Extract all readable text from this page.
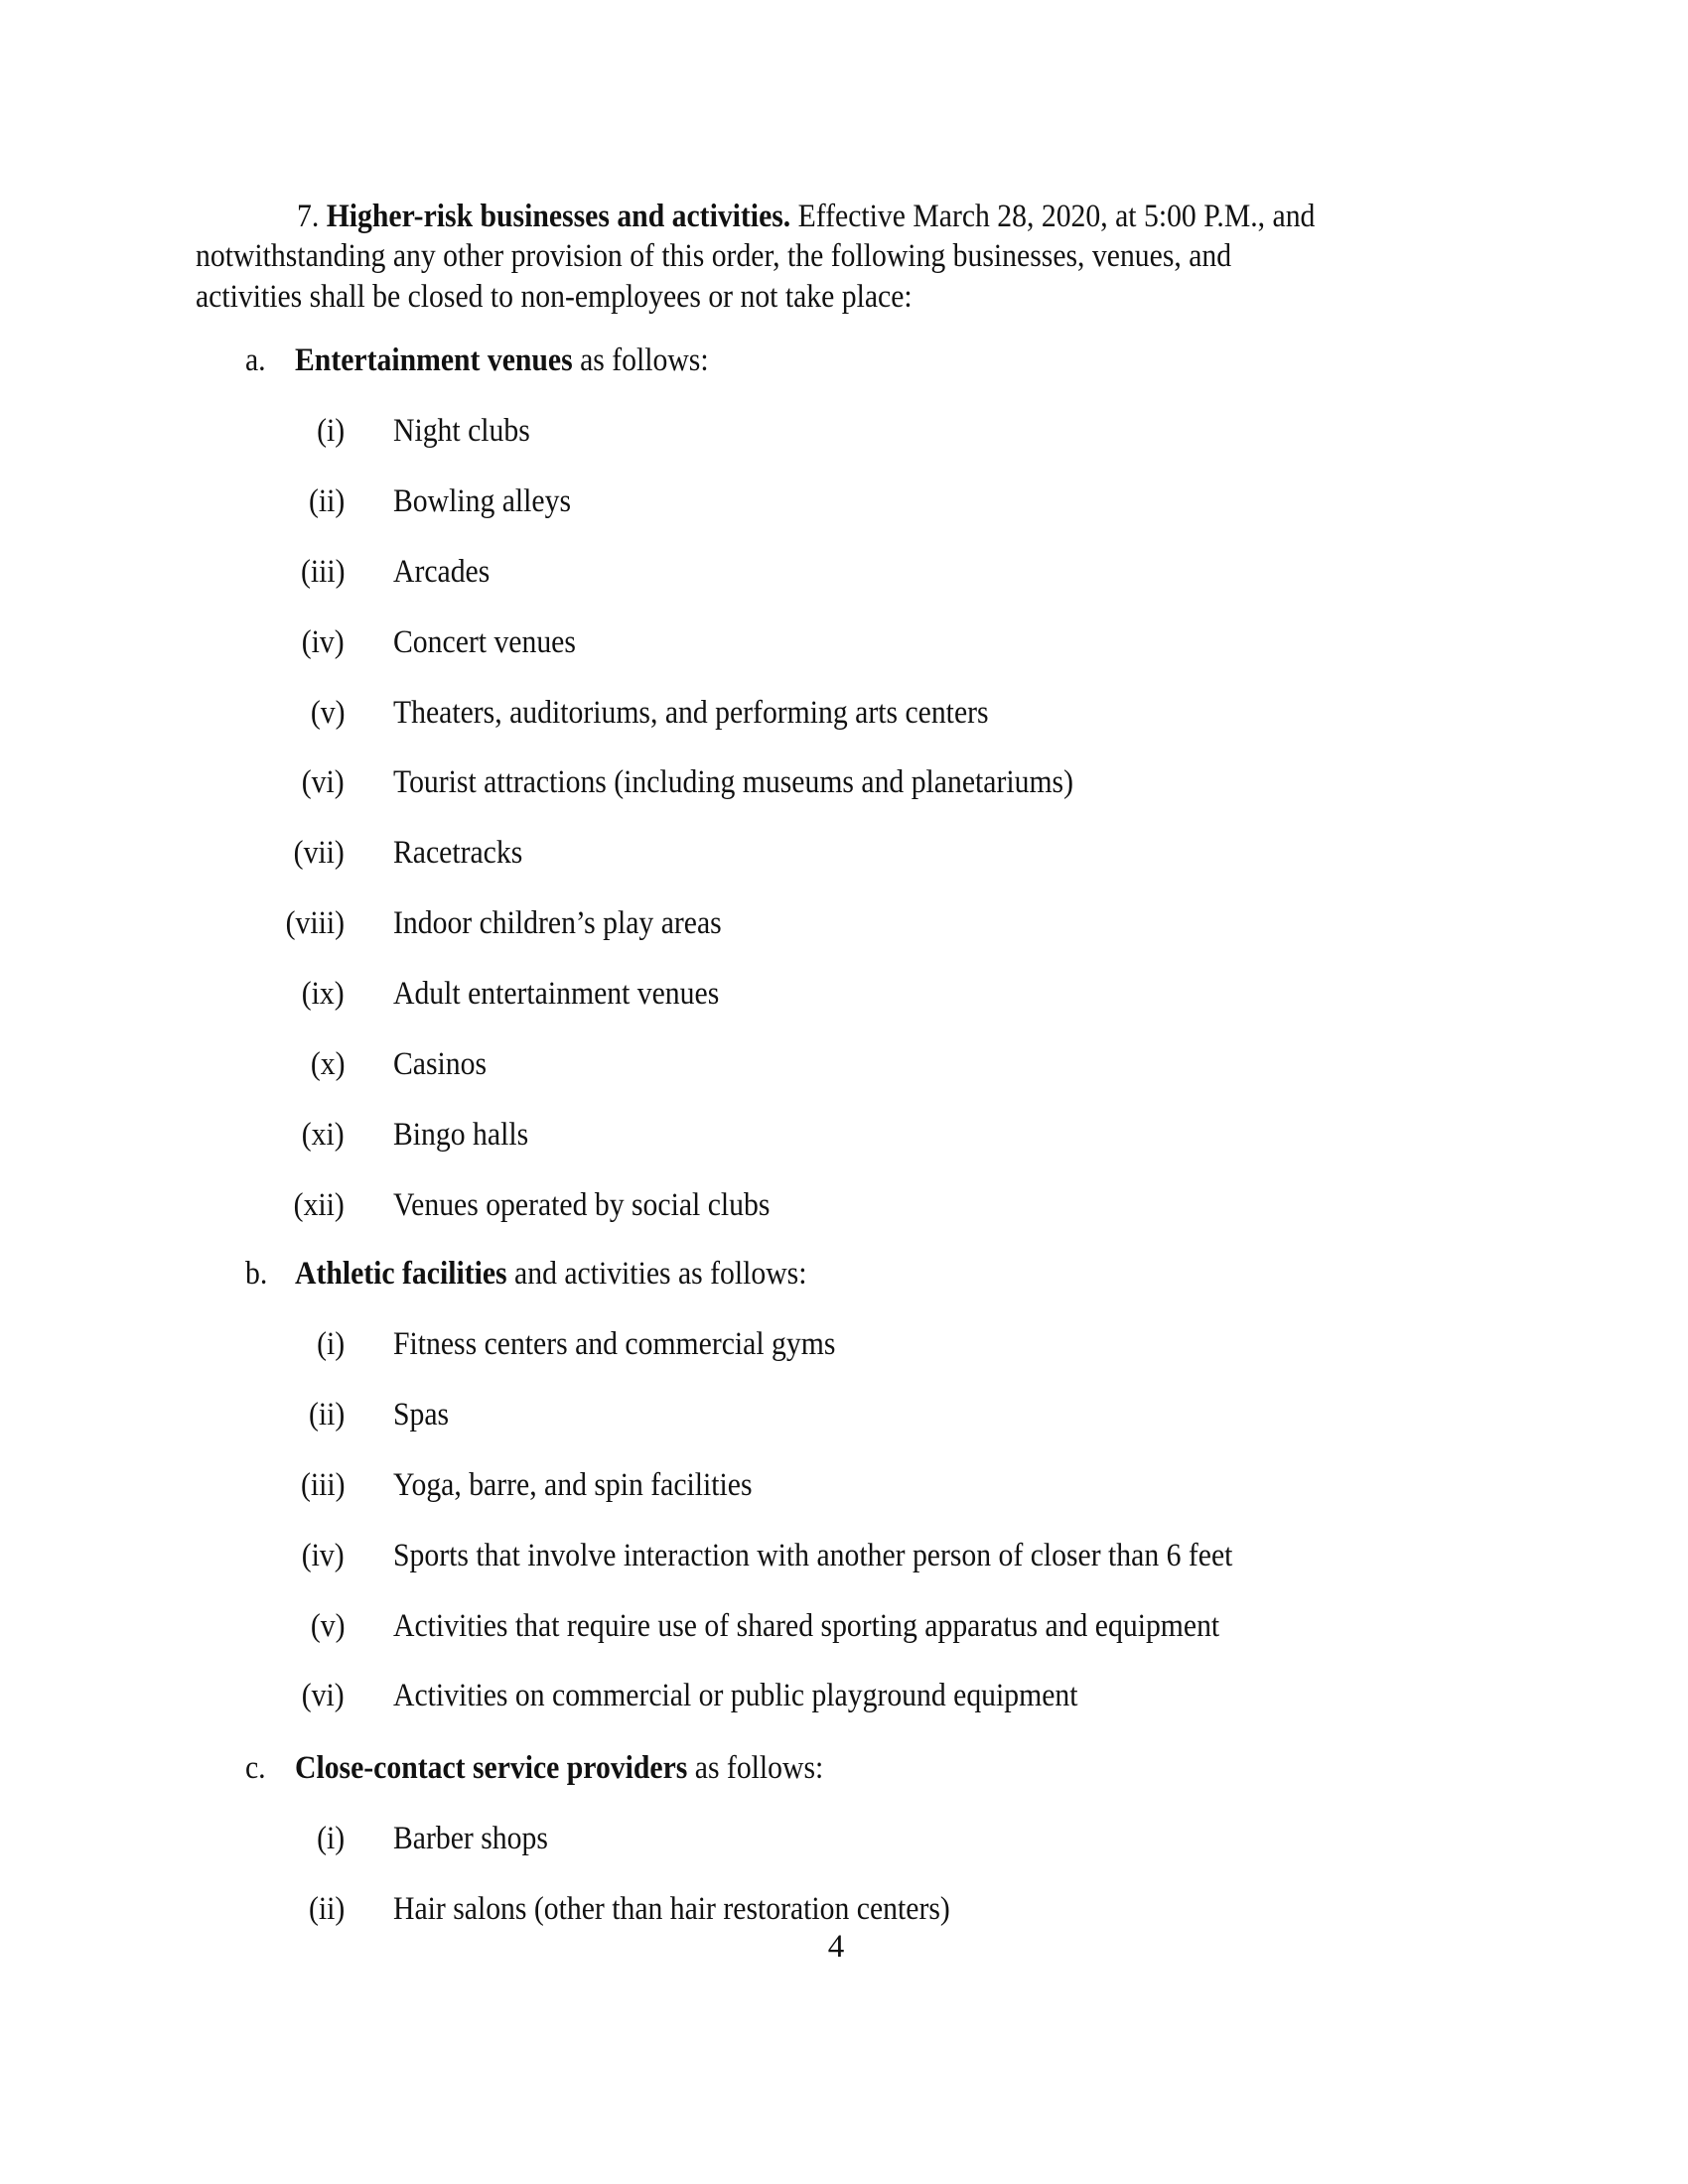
7. Higher-risk businesses and activities. Effective March 28, 2020, at 5:00 P.M., and
notwithstanding any other provision of this order, the following businesses, venues, and
activities shall be closed to non-employees or not take place:
a. Entertainment venues as follows:
(i) Night clubs
(ii) Bowling alleys
(iii) Arcades
(iv) Concert venues
(v) Theaters, auditoriums, and performing arts centers
(vi) Tourist attractions (including museums and planetariums)
(vii) Racetracks
(viii) Indoor children’s play areas
(ix) Adult entertainment venues
(x) Casinos
(xi) Bingo halls
(xii) Venues operated by social clubs
b. Athletic facilities and activities as follows:
(i) Fitness centers and commercial gyms
(ii) Spas
(iii) Yoga, barre, and spin facilities
(iv) Sports that involve interaction with another person of closer than 6 feet
(v) Activities that require use of shared sporting apparatus and equipment
(vi) Activities on commercial or public playground equipment
c. Close-contact service providers as follows:
(i) Barber shops
(ii) Hair salons (other than hair restoration centers)
4
